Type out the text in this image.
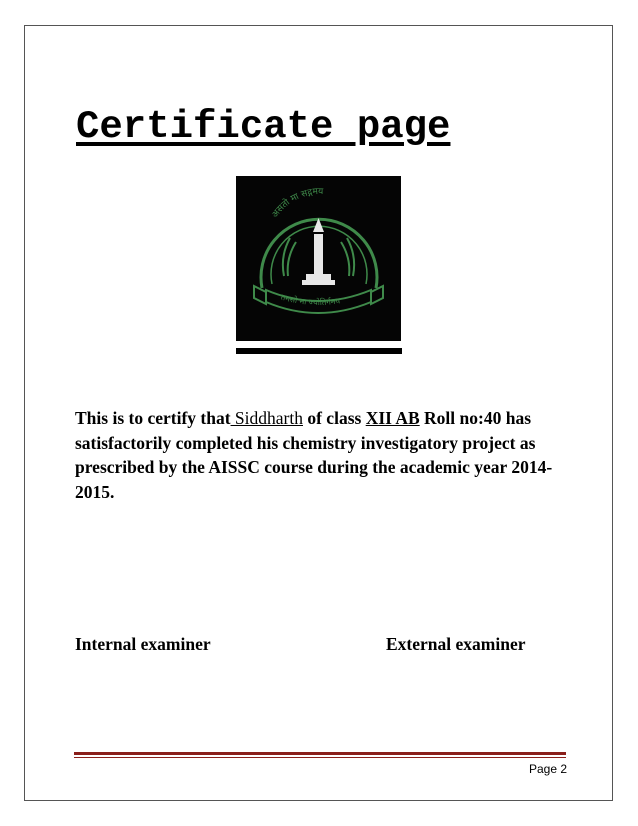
Certificate page
असतो मा सद्गमय
तमसो मा ज्योतिर्गमय

This is to certify that Siddharth of class XII AB Roll no:40 has satisfactorily completed his chemistry investigatory project as prescribed by the AISSC course during the academic year 2014-2015.

Internal examiner	External examiner
Page 2
